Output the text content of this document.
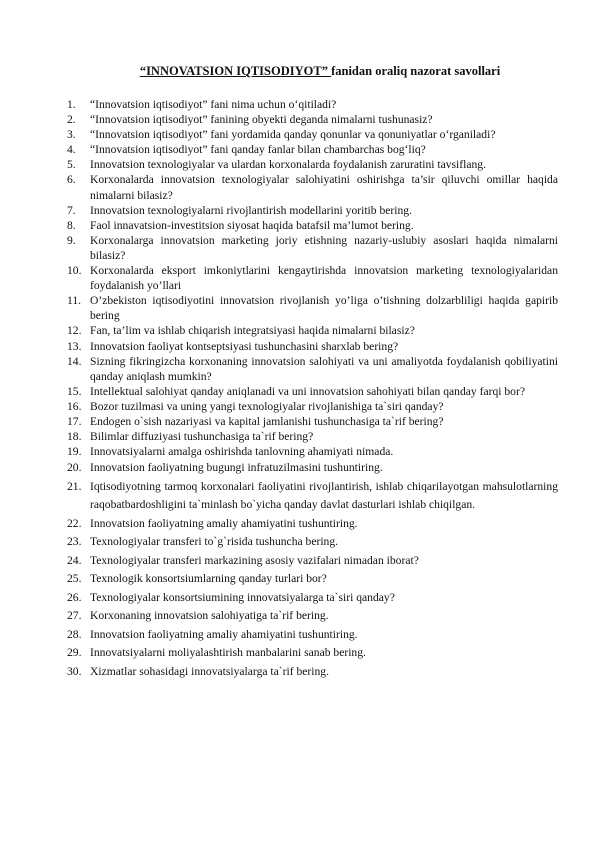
“INNOVATSION IQTISODIYOT” fanidan oraliq nazorat savollari
1. “Innovatsion iqtisodiyot” fani nima uchun o‘qitiladi?
2. “Innovatsion iqtisodiyot” fanining obyekti deganda nimalarni tushunasiz?
3. “Innovatsion iqtisodiyot” fani yordamida qanday qonunlar va qonuniyatlar o‘rganiladi?
4. “Innovatsion iqtisodiyot” fani qanday fanlar bilan chambarchas bog‘liq?
5. Innovatsion texnologiyalar va ulardan korxonalarda foydalanish zaruratini tavsiflang.
6. Korxonalarda innovatsion texnologiyalar salohiyatini oshirishga ta’sir qiluvchi omillar haqida nimalarni bilasiz?
7. Innovatsion texnologiyalarni rivojlantirish modellarini yoritib bering.
8. Faol innavatsion-investitsion siyosat haqida batafsil ma’lumot bering.
9. Korxonalarga innovatsion marketing joriy etishning nazariy-uslubiy asoslari haqida nimalarni bilasiz?
10. Korxonalarda eksport imkoniytlarini kengaytirishda innovatsion marketing texnologiyalaridan foydalanish yo’llari
11. O’zbekiston iqtisodiyotini innovatsion rivojlanish yo’liga o’tishning dolzarbliligi haqida gapirib bering
12. Fan, ta’lim va ishlab chiqarish integratsiyasi haqida nimalarni bilasiz?
13. Innovatsion faoliyat kontseptsiyasi tushunchasini sharxlab bering?
14. Sizning fikringizcha korxonaning innovatsion salohiyati va uni amaliyotda foydalanish qobiliyatini qanday aniqlash mumkin?
15. Intellektual salohiyat qanday aniqlanadi va uni innovatsion sahohiyati bilan qanday farqi bor?
16. Bozor tuzilmasi va uning yangi texnologiyalar rivojlanishiga ta`siri qanday?
17. Endogen o`sish nazariyasi va kapital jamlanishi tushunchasiga ta`rif bering?
18. Bilimlar diffuziyasi tushunchasiga ta`rif bering?
19. Innovatsiyalarni amalga oshirishda tanlovning ahamiyati nimada.
20. Innovatsion faoliyatning bugungi infratuzilmasini tushuntiring.
21. Iqtisodiyotning tarmoq korxonalari faoliyatini rivojlantirish, ishlab chiqarilayotgan mahsulotlarning raqobatbardoshligini ta`minlash bo`yicha qanday davlat dasturlari ishlab chiqilgan.
22. Innovatsion faoliyatning amaliy ahamiyatini tushuntiring.
23. Texnologiyalar transferi to`g`risida tushuncha bering.
24. Texnologiyalar transferi markazining asosiy vazifalari nimadan iborat?
25. Texnologik konsortsiumlarning qanday turlari bor?
26. Texnologiyalar konsortsiumining innovatsiyalarga ta`siri qanday?
27. Korxonaning innovatsion salohiyatiga ta`rif bering.
28. Innovatsion faoliyatning amaliy ahamiyatini tushuntiring.
29. Innovatsiyalarni moliyalashtirish manbalarini sanab bering.
30. Xizmatlar sohasidagi innovatsiyalarga ta`rif bering.
